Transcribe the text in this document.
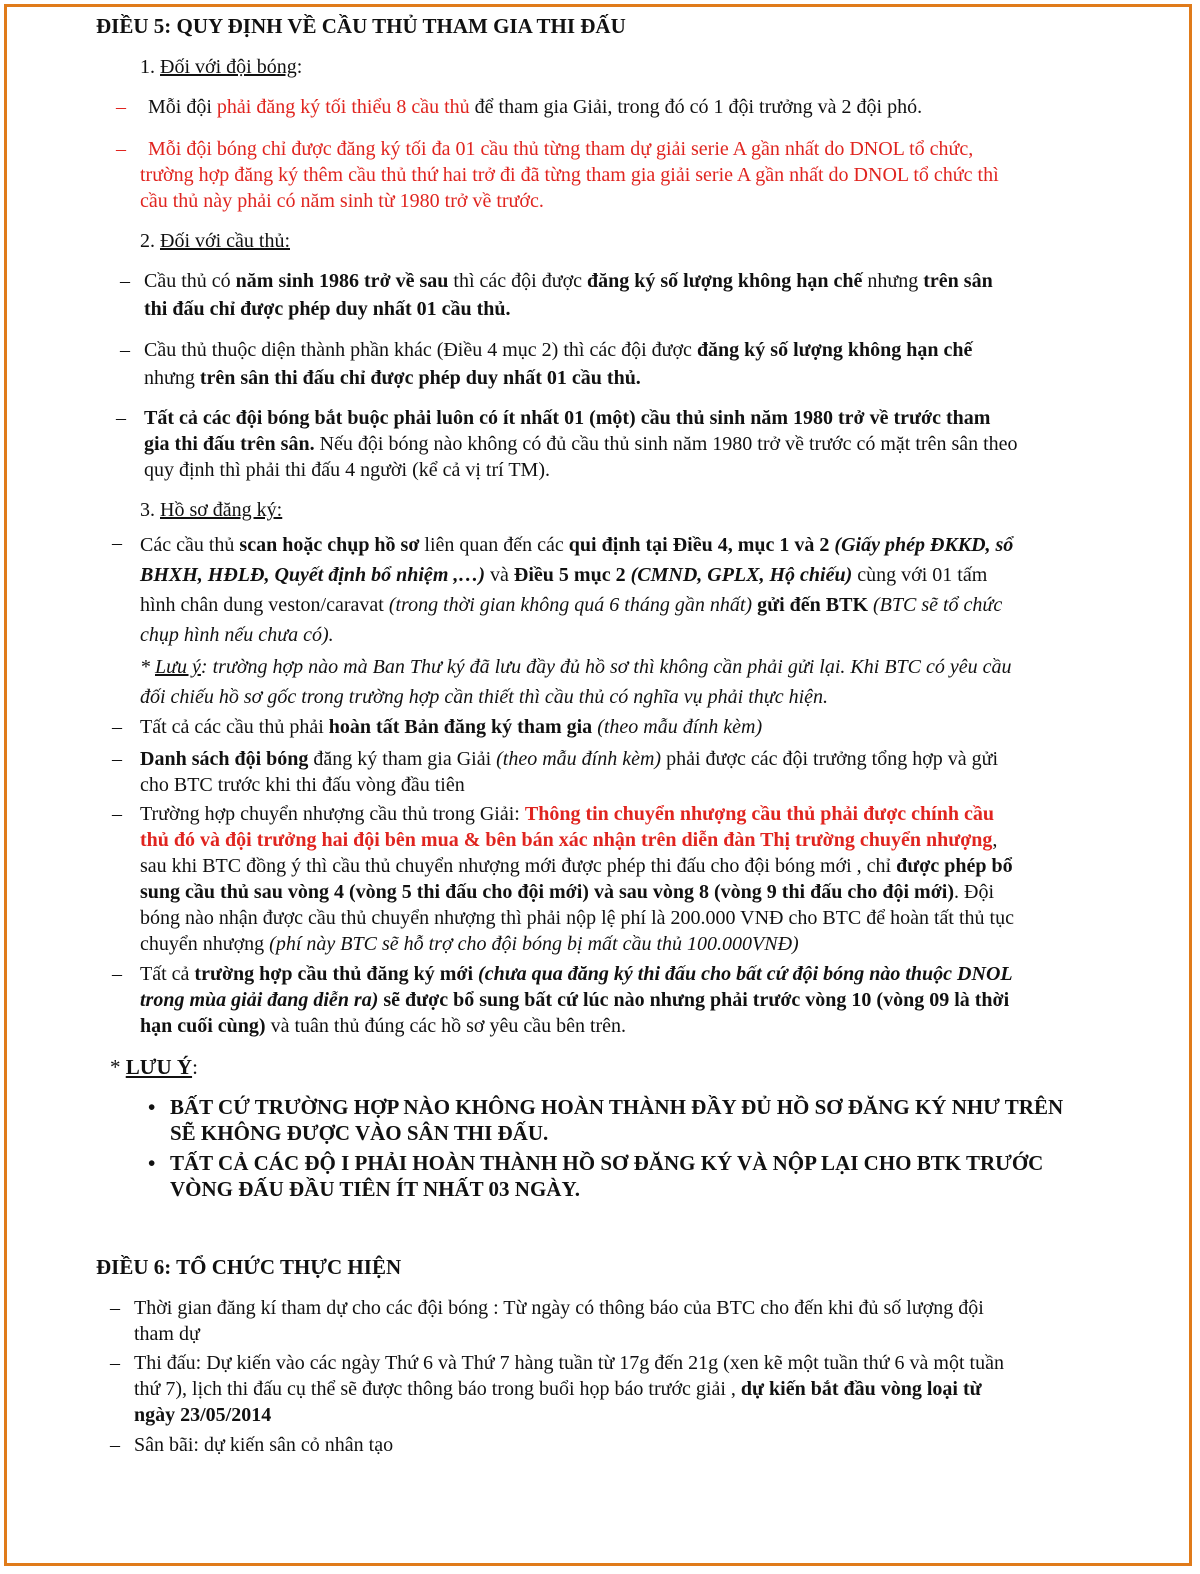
ĐIỀU 5: QUY ĐỊNH VỀ CẦU THỦ THAM GIA THI ĐẤU
1. Đối với đội bóng:
–	Mỗi đội phải đăng ký tối thiểu 8 cầu thủ để tham gia Giải, trong đó có 1 đội trưởng và 2 đội phó.
–	Mỗi đội bóng chỉ được đăng ký tối đa 01 cầu thủ từng tham dự giải serie A gần nhất do DNOL tổ chức,
trường hợp đăng ký thêm cầu thủ thứ hai trở đi đã từng tham gia giải serie A gần nhất do DNOL tổ chức thì
cầu thủ này phải có năm sinh từ 1980 trở về trước.
2. Đối với cầu thủ:
– Cầu thủ có năm sinh 1986 trở về sau thì các đội được đăng ký số lượng không hạn chế nhưng trên sân
thi đấu chỉ được phép duy nhất 01 cầu thủ.
– Cầu thủ thuộc diện thành phần khác (Điều 4 mục 2) thì các đội được đăng ký số lượng không hạn chế
nhưng trên sân thi đấu chỉ được phép duy nhất 01 cầu thủ.
– Tất cả các đội bóng bắt buộc phải luôn có ít nhất 01 (một) cầu thủ sinh năm 1980 trở về trước tham
gia thi đấu trên sân. Nếu đội bóng nào không có đủ cầu thủ sinh năm 1980 trở về trước có mặt trên sân theo
quy định thì phải thi đấu 4 người (kể cả vị trí TM).
3. Hồ sơ đăng ký:
– Các cầu thủ scan hoặc chụp hồ sơ liên quan đến các qui định tại Điều 4, mục 1 và 2 (Giấy phép ĐKKD, sổ
BHXH, HĐLĐ, Quyết định bổ nhiệm ,…) và Điều 5 mục 2 (CMND, GPLX, Hộ chiếu) cùng với 01 tấm
hình chân dung veston/caravat (trong thời gian không quá 6 tháng gần nhất) gửi đến BTK (BTC sẽ tổ chức
chụp hình nếu chưa có).
* Lưu ý: trường hợp nào mà Ban Thư ký đã lưu đầy đủ hồ sơ thì không cần phải gửi lại. Khi BTC có yêu cầu
đối chiếu hồ sơ gốc trong trường hợp cần thiết thì cầu thủ có nghĩa vụ phải thực hiện.
– Tất cả các cầu thủ phải hoàn tất Bản đăng ký tham gia (theo mẫu đính kèm)
– Danh sách đội bóng đăng ký tham gia Giải (theo mẫu đính kèm) phải được các đội trưởng tổng hợp và gửi
cho BTC trước khi thi đấu vòng đầu tiên
– Trường hợp chuyển nhượng cầu thủ trong Giải: Thông tin chuyển nhượng cầu thủ phải được chính cầu
thủ đó và đội trưởng hai đội bên mua & bên bán xác nhận trên diễn đàn Thị trường chuyển nhượng,
sau khi BTC đồng ý thì cầu thủ chuyển nhượng mới được phép thi đấu cho đội bóng mới , chỉ được phép bổ
sung cầu thủ sau vòng 4 (vòng 5 thi đấu cho đội mới) và sau vòng 8 (vòng 9 thi đấu cho đội mới). Đội
bóng nào nhận được cầu thủ chuyển nhượng thì phải nộp lệ phí là 200.000 VNĐ cho BTC để hoàn tất thủ tục
chuyển nhượng (phí này BTC sẽ hỗ trợ cho đội bóng bị mất cầu thủ 100.000VNĐ)
– Tất cả trường hợp cầu thủ đăng ký mới (chưa qua đăng ký thi đấu cho bất cứ đội bóng nào thuộc DNOL
trong mùa giải đang diễn ra) sẽ được bổ sung bất cứ lúc nào nhưng phải trước vòng 10 (vòng 09 là thời
hạn cuối cùng) và tuân thủ đúng các hồ sơ yêu cầu bên trên.
* LƯU Ý:
• BẤT CỨ TRƯỜNG HỢP NÀO KHÔNG HOÀN THÀNH ĐẦY ĐỦ HỒ SƠ ĐĂNG KÝ NHƯ TRÊN
SẼ KHÔNG ĐƯỢC VÀO SÂN THI ĐẤU.
• TẤT CẢ CÁC ĐỘ I PHẢI HOÀN THÀNH HỒ SƠ ĐĂNG KÝ VÀ NỘP LẠI CHO BTK TRƯỚC
VÒNG ĐẤU ĐẦU TIÊN ÍT NHẤT 03 NGÀY.
ĐIỀU 6: TỔ CHỨC THỰC HIỆN
– Thời gian đăng kí tham dự cho các đội bóng : Từ ngày có thông báo của BTC cho đến khi đủ số lượng đội
tham dự
– Thi đấu: Dự kiến vào các ngày Thứ 6 và Thứ 7 hàng tuần từ 17g đến 21g (xen kẽ một tuần thứ 6 và một tuần
thứ 7), lịch thi đấu cụ thể sẽ được thông báo trong buổi họp báo trước giải , dự kiến bắt đầu vòng loại từ
ngày 23/05/2014
– Sân bãi: dự kiến sân cỏ nhân tạo
